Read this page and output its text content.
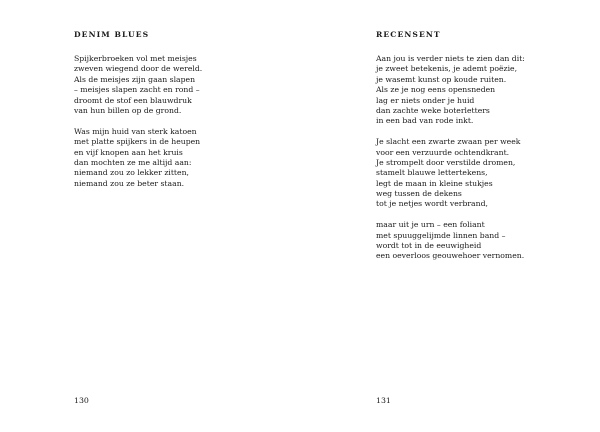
DENIM BLUES
Spijkerbroeken vol met meisjes
zweven wiegend door de wereld.
Als de meisjes zijn gaan slapen
– meisjes slapen zacht en rond –
droomt de stof een blauwdruk
van hun billen op de grond.
Was mijn huid van sterk katoen
met platte spijkers in de heupen
en vijf knopen aan het kruis
dan mochten ze me altijd aan:
niemand zou zo lekker zitten,
niemand zou ze beter staan.
130
RECENSENT
Aan jou is verder niets te zien dan dit:
je zweet betekenis, je ademt poëzie,
je wasemt kunst op koude ruiten.
Als ze je nog eens opensneden
lag er niets onder je huid
dan zachte weke boterletters
in een bad van rode inkt.
Je slacht een zwarte zwaan per week
voor een verzuurde ochtendkrant.
Je strompelt door verstilde dromen,
stamelt blauwe lettertekens,
legt de maan in kleine stukjes
weg tussen de dekens
tot je netjes wordt verbrand,
maar uit je urn – een foliant
met spuuggelijmde linnen band –
wordt tot in de eeuwigheid
een oeverloos geouwehoer vernomen.
131
